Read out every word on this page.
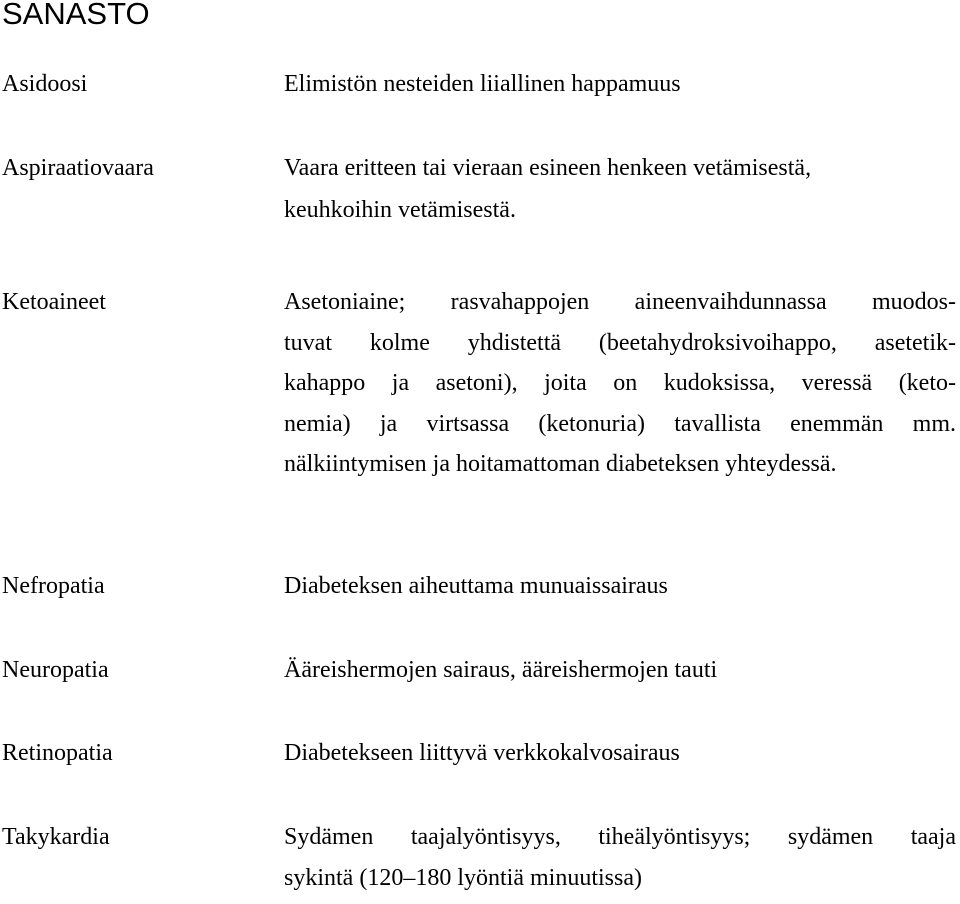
SANASTO
Asidoosi	Elimistön nesteiden liiallinen happamuus
Aspiraatiovaara	Vaara eritteen tai vieraan esineen henkeen vetämisestä,
keuhkoihin vetämisestä.
Ketoaineet	Asetoniaine; rasvahappojen aineenvaihdunnassa muodos-
tuvat kolme yhdistettä (beetahydroksivoihappo, asetetik-
kahappo ja asetoni), joita on kudoksissa, veressä (keto-
nemia) ja virtsassa (ketonuria) tavallista enemmän mm.
nälkiintymisen ja hoitamattoman diabeteksen yhteydessä.
Nefropatia	Diabeteksen aiheuttama munuaissairaus
Neuropatia	Ääreishermojen sairaus, ääreishermojen tauti
Retinopatia	Diabetekseen liittyvä verkkokalvosairaus
Takykardia	Sydämen taajalyöntisyys, tiheälyöntisyys; sydämen taaja
sykintä (120–180 lyöntiä minuutissa)
